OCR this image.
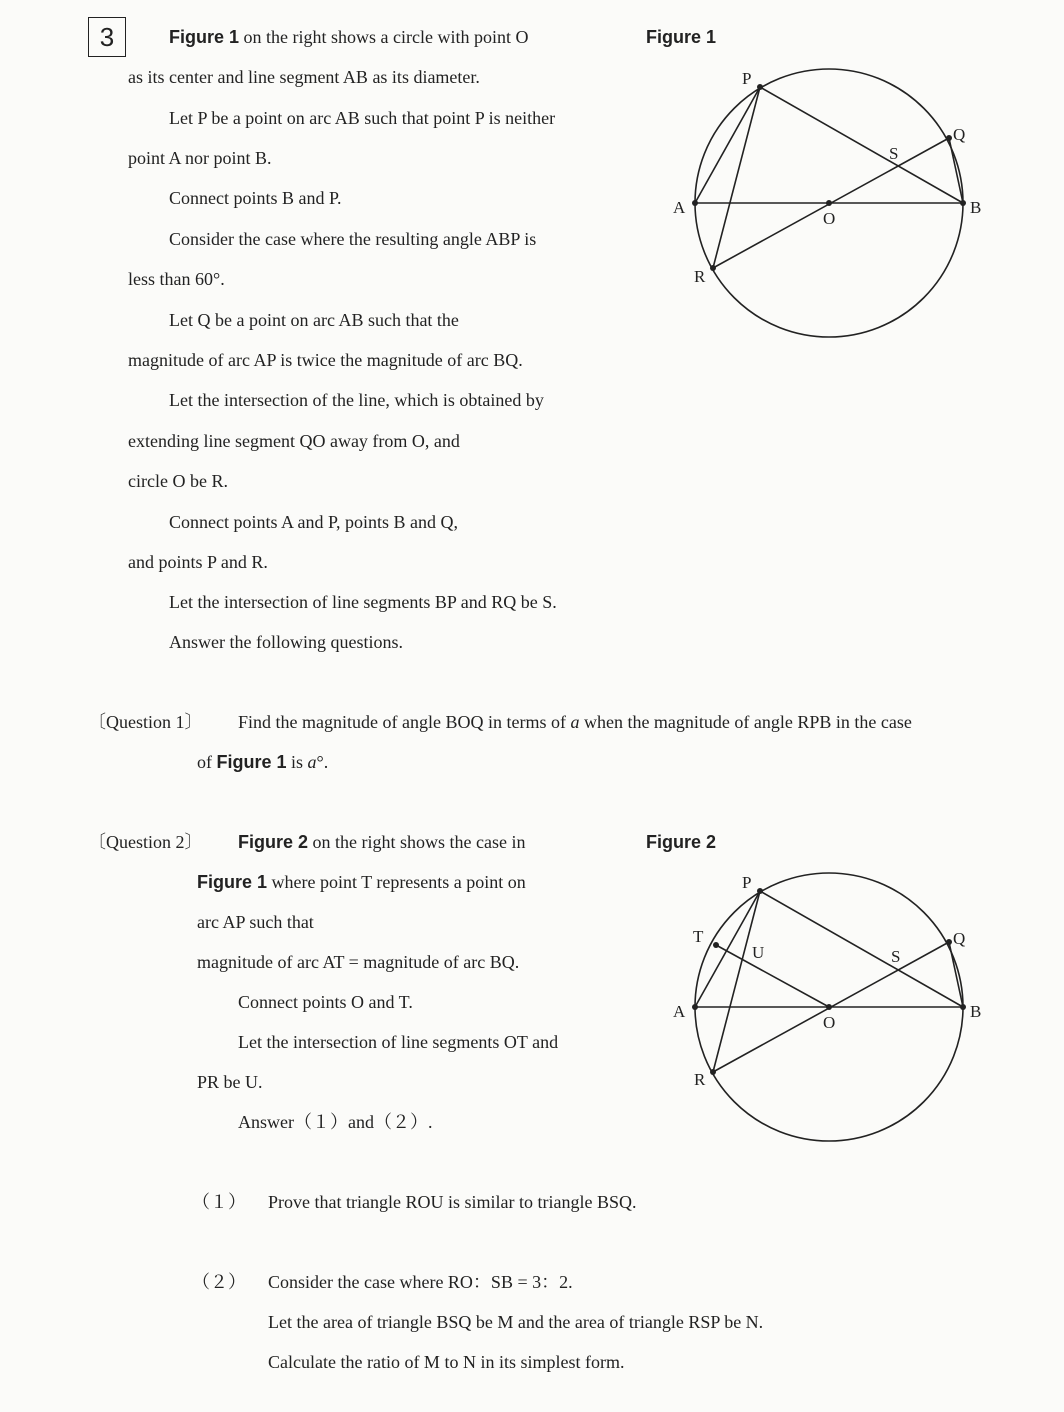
3	Figure 1 on the right shows a circle with point O
as its center and line segment AB as its diameter.
Let P be a point on arc AB such that point P is neither
point A nor point B.
Connect points B and P.
Consider the case where the resulting angle ABP is
less than 60°.
Let Q be a point on arc AB such that the
magnitude of arc AP is twice the magnitude of arc BQ.
Let the intersection of the line, which is obtained by
extending line segment QO away from O, and
circle O be R.
Connect points A and P, points B and Q,
and points P and R.
Let the intersection of line segments BP and RQ be S.
Answer the following questions.
Figure 1
P
Q
S
A	B
O
R
〔Question 1〕 Find the magnitude of angle BOQ in terms of a when the magnitude of angle RPB in the case
of Figure 1 is a°.
〔Question 2〕 Figure 2 on the right shows the case in
Figure 1 where point T represents a point on
arc AP such that
magnitude of arc AT = magnitude of arc BQ.
Connect points O and T.
Let the intersection of line segments OT and
PR be U.
Answer（１）and（２）.
Figure 2
P
T
U
Q
S
A	B
O
R
（１） Prove that triangle ROU is similar to triangle BSQ.
（２） Consider the case where RO：SB = 3：2.
Let the area of triangle BSQ be M and the area of triangle RSP be N.
Calculate the ratio of M to N in its simplest form.
